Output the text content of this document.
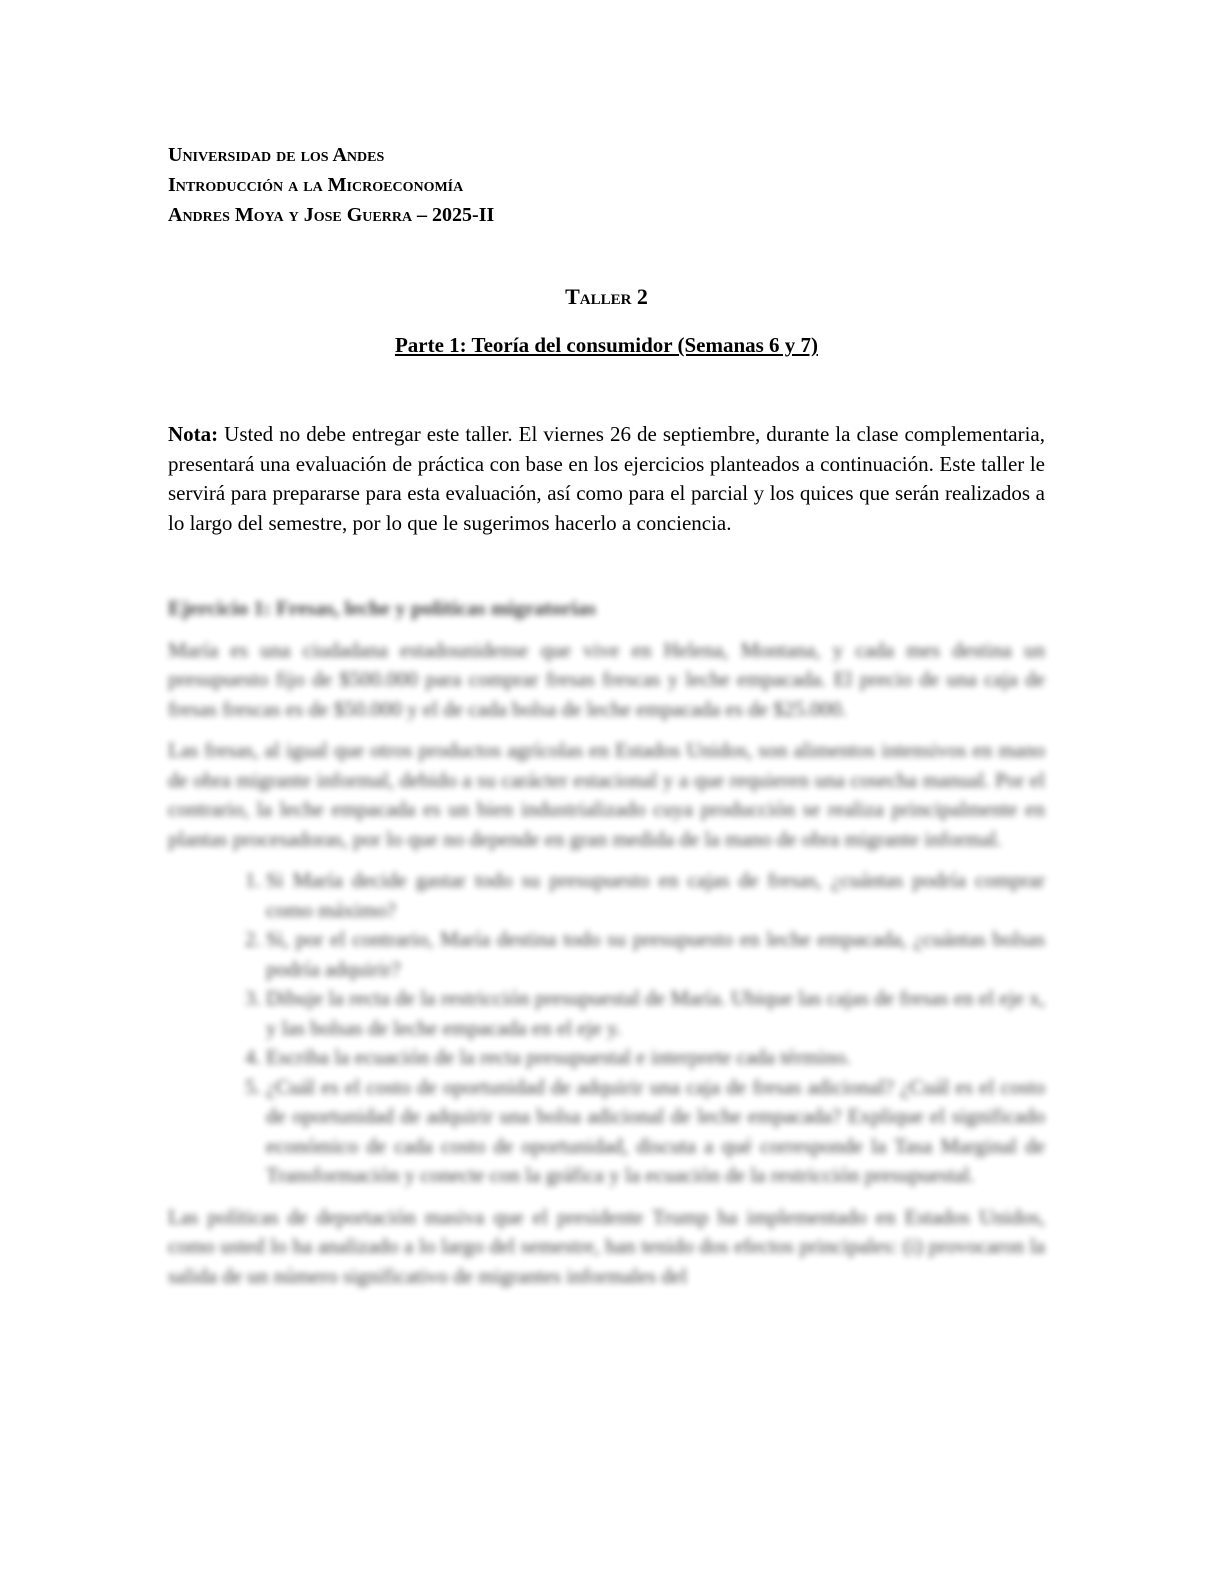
Universidad de los Andes

Introducción a la Microeconomía

Andres Moya y Jose Guerra – 2025-II

Taller 2
Parte 1: Teoría del consumidor (Semanas 6 y 7)
Nota: Usted no debe entregar este taller. El viernes 26 de septiembre, durante la clase complementaria, presentará una evaluación de práctica con base en los ejercicios planteados a continuación. Este taller le servirá para prepararse para esta evaluación, así como para el parcial y los quices que serán realizados a lo largo del semestre, por lo que le sugerimos hacerlo a conciencia.
Ejercicio 1: Fresas, leche y políticas migratorias

María es una ciudadana estadounidense que vive en Helena, Montana, y cada mes destina un presupuesto fijo de $500.000 para comprar fresas frescas y leche empacada. El precio de una caja de fresas frescas es de $50.000 y el de cada bolsa de leche empacada es de $25.000.

Las fresas, al igual que otros productos agrícolas en Estados Unidos, son alimentos intensivos en mano de obra migrante informal, debido a su carácter estacional y a que requieren una cosecha manual. Por el contrario, la leche empacada es un bien industrializado cuya producción se realiza principalmente en plantas procesadoras, por lo que no depende en gran medida de la mano de obra migrante informal.

1. Si María decide gastar todo su presupuesto en cajas de fresas, ¿cuántas podría comprar como máximo?
2. Si, por el contrario, María destina todo su presupuesto en leche empacada, ¿cuántas bolsas podría adquirir?
3. Dibuje la recta de la restricción presupuestal de María. Ubique las cajas de fresas en el eje x, y las bolsas de leche empacada en el eje y.
4. Escriba la ecuación de la recta presupuestal e interprete cada término.
5. ¿Cuál es el costo de oportunidad de adquirir una caja de fresas adicional? ¿Cuál es el costo de oportunidad de adquirir una bolsa adicional de leche empacada? Explique el significado económico de cada costo de oportunidad, discuta a qué corresponde la Tasa Marginal de Transformación y conecte con la gráfica y la ecuación de la restricción presupuestal.

Las políticas de deportación masiva que el presidente Trump ha implementado en Estados Unidos, como usted lo ha analizado a lo largo del semestre, han tenido dos efectos principales: (i) provocaron la salida de un número significativo de migrantes informales del
